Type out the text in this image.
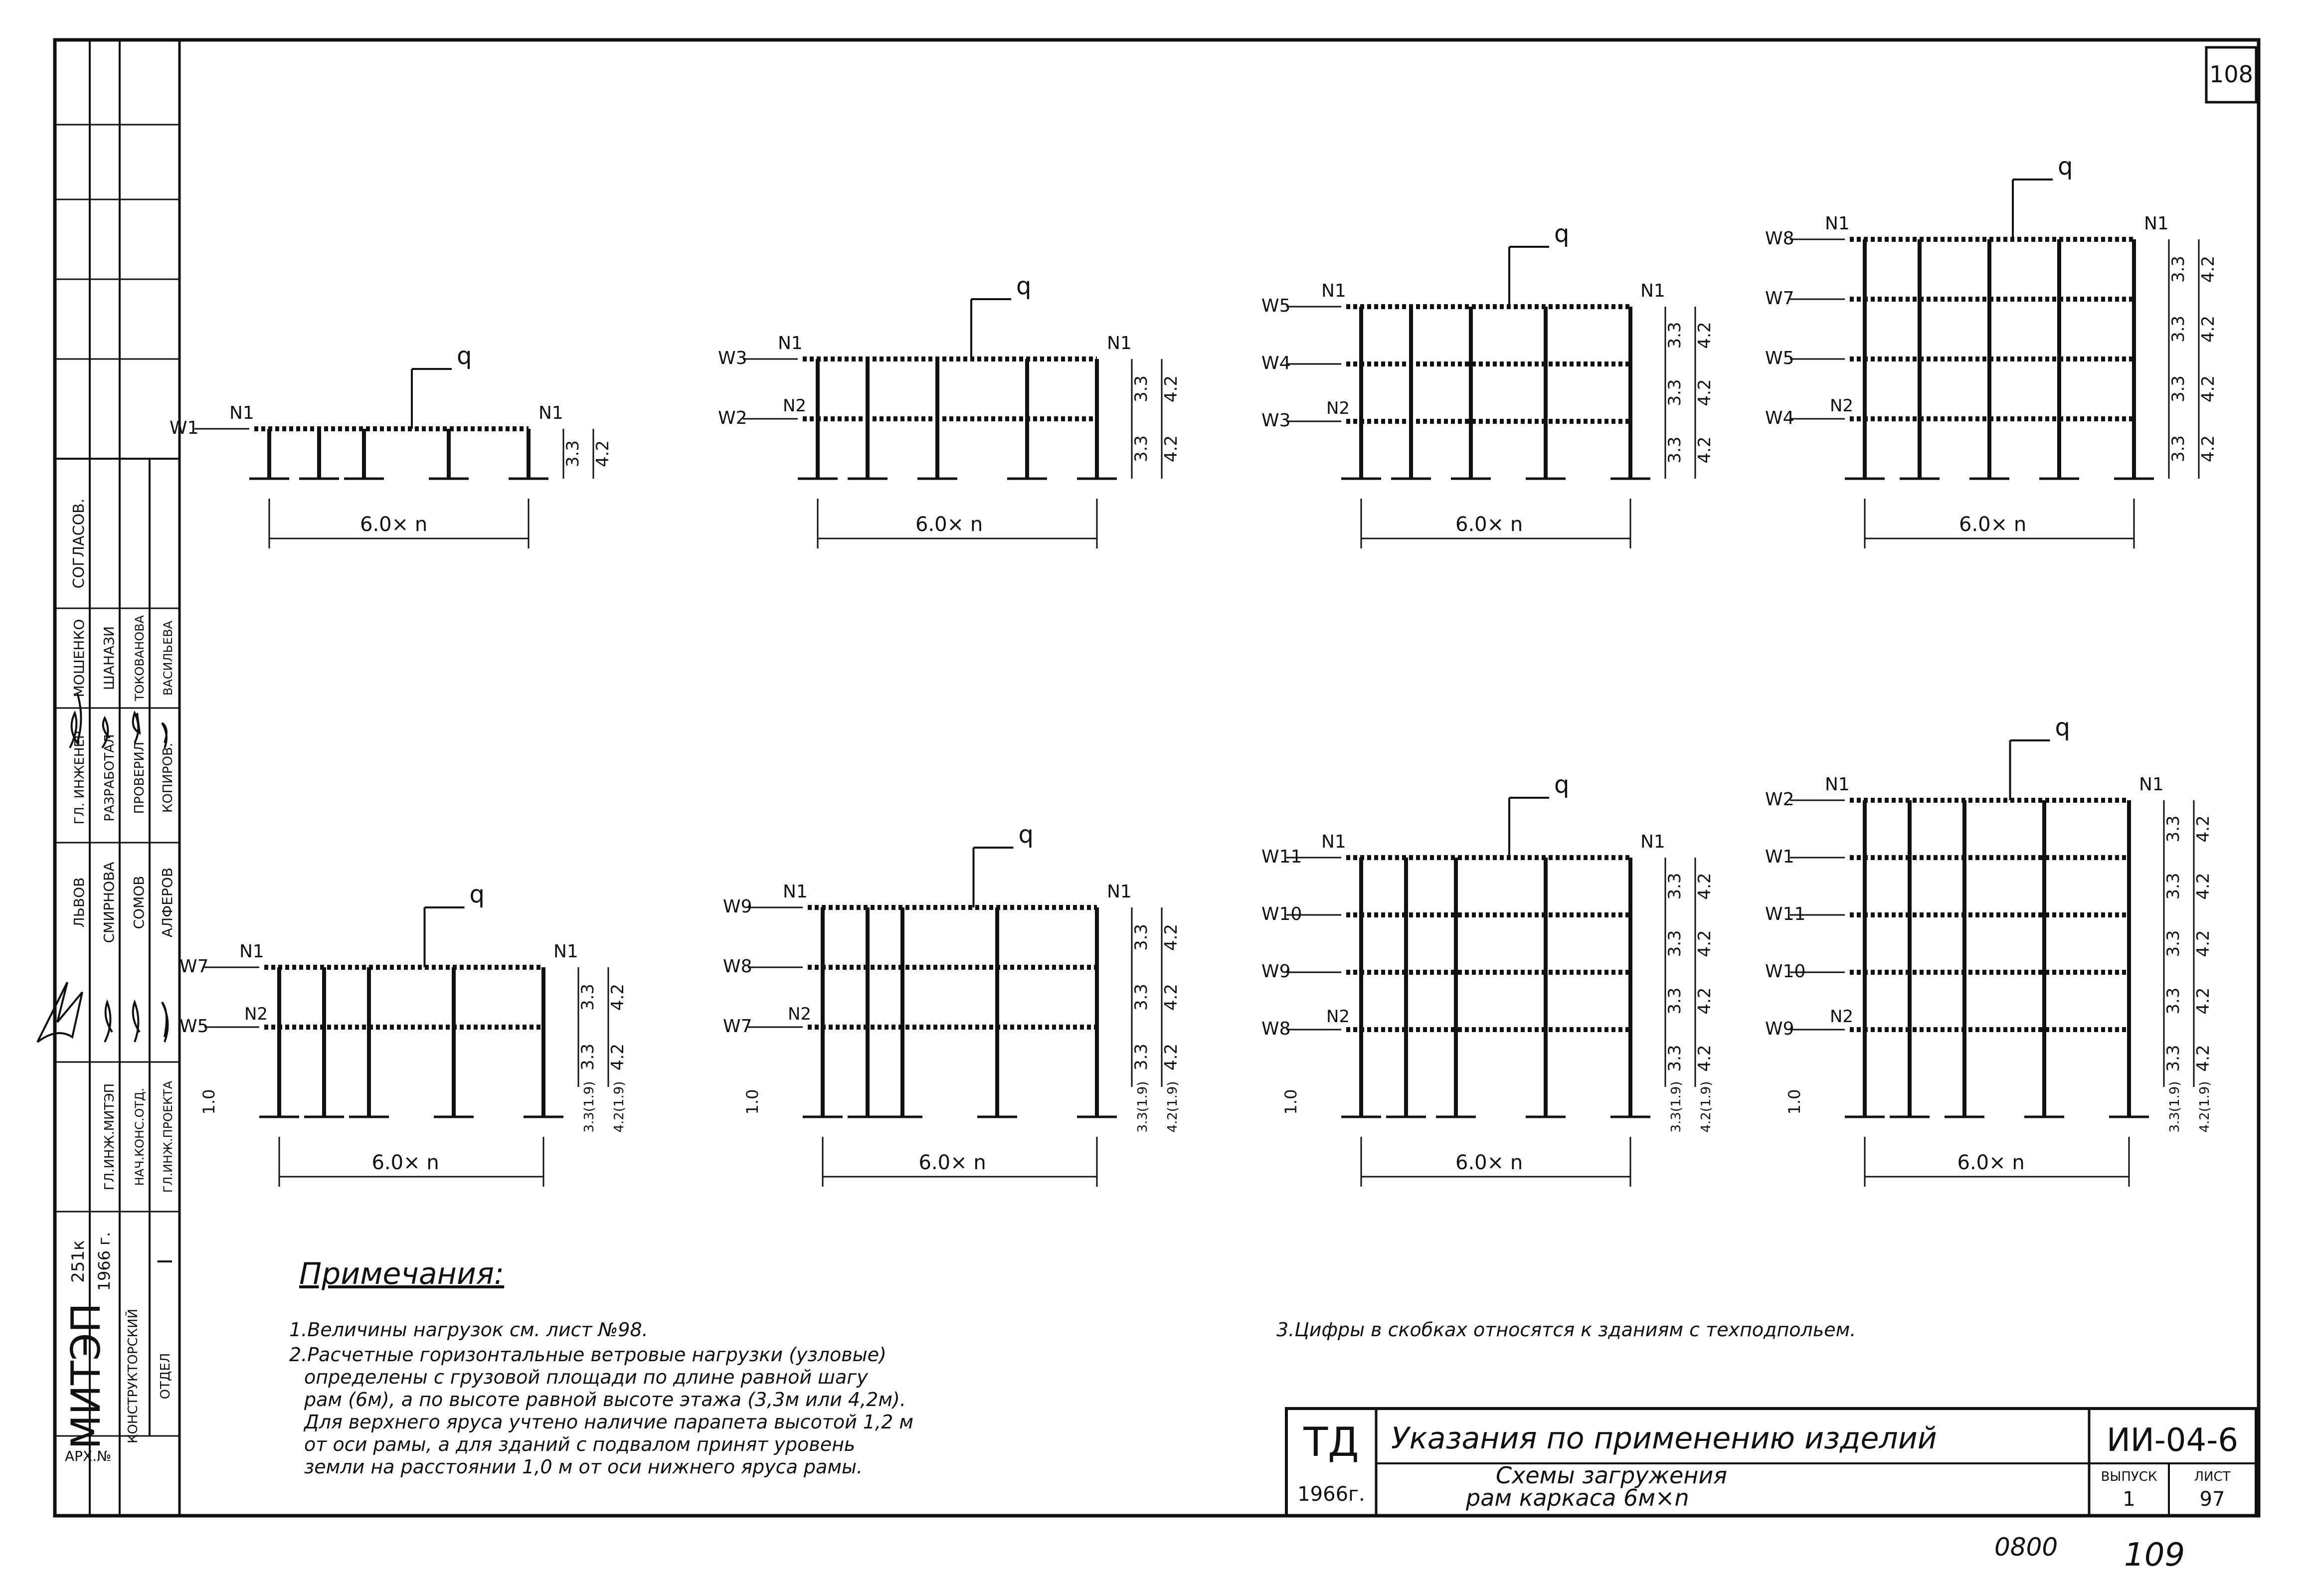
108
СОГЛАСОВ.
МОШЕНКО ШАНАЗИ ТОКОВАНОВА ВАСИЛЬЕВА
ГЛ. ИНЖЕНЕР РАЗРАБОТАЛ ПРОВЕРИЛ КОПИРОВ.
ЛЬВОВ СМИРНОВА СОМОВ АЛФЕРОВ
ГЛ.ИНЖ.МИТЭП НАЧ.КОНС.ОТД. ГЛ.ИНЖ.ПРОЕКТА
251к 1966 г. I
МИТЭП КОНСТРУКТОРСКИЙ ОТДЕЛ
АРХ.№
q
N1	N1
W1
3.3 4.2
6.0× n
q
N1	N1
N2
W2
W3
3.3 4.2
3.3 4.2
6.0× n
q
N1	N1
N2
W3
W4
W5
3.3 4.2
3.3 4.2
3.3 4.2
6.0× n
q
N1	N1
N2
W4
W5
W7
W8
3.3 4.2
3.3 4.2
3.3 4.2
3.3 4.2
6.0× n
q
N1	N1
N2
W5
W7
3.3 4.2
3.3 4.2
1.0	3.3(1.9) 4.2(1.9)
6.0× n
q
N1	N1
N2
W7
W8
W9
3.3 4.2
3.3 4.2
3.3 4.2
1.0	3.3(1.9) 4.2(1.9)
6.0× n
q
N1	N1
N2
W8
W9
W10
W11
3.3 4.2
3.3 4.2
3.3 4.2
3.3 4.2
1.0	3.3(1.9) 4.2(1.9)
6.0× n
q
N1	N1
N2
W9
W10
W11
W1
W2
3.3 4.2
3.3 4.2
3.3 4.2
3.3 4.2
3.3 4.2
1.0	3.3(1.9) 4.2(1.9)
6.0× n
Примечания:
1.Величины нагрузок см. лист №98.
2.Расчетные горизонтальные ветровые нагрузки (узловые)
определены с грузовой площади по длине равной шагу
рам (6м), а по высоте равной высоте этажа (3,3м или 4,2м).
Для верхнего яруса учтено наличие парапета высотой 1,2 м
от оси рамы, а для зданий с подвалом принят уровень
земли на расстоянии 1,0 м от оси нижнего яруса рамы.
3.Цифры в скобках относятся к зданиям с техподпольем.
ТД
1966г.
Указания по применению изделий	ИИ-04-6
Схемы загружения
рам каркаса 6м×n
ВЫПУСК
1
ЛИСТ
97
0800 109
